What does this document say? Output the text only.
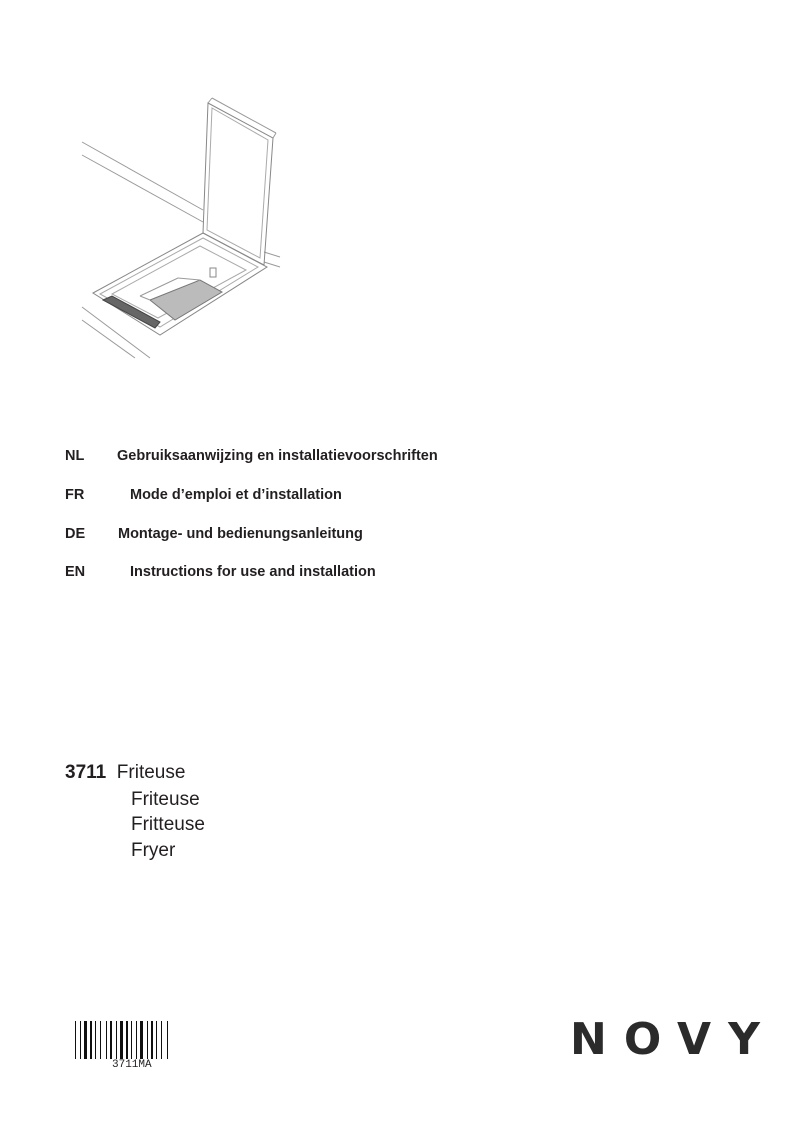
NL Gebruiksaanwijzing en installatievoorschriften
FR	Mode d’emploi et d’installation
DE Montage- und bedienungsanleitung
EN	Instructions for use and installation
3711 Friteuse
Friteuse
Fritteuse
Fryer
3711MA	NOVY
